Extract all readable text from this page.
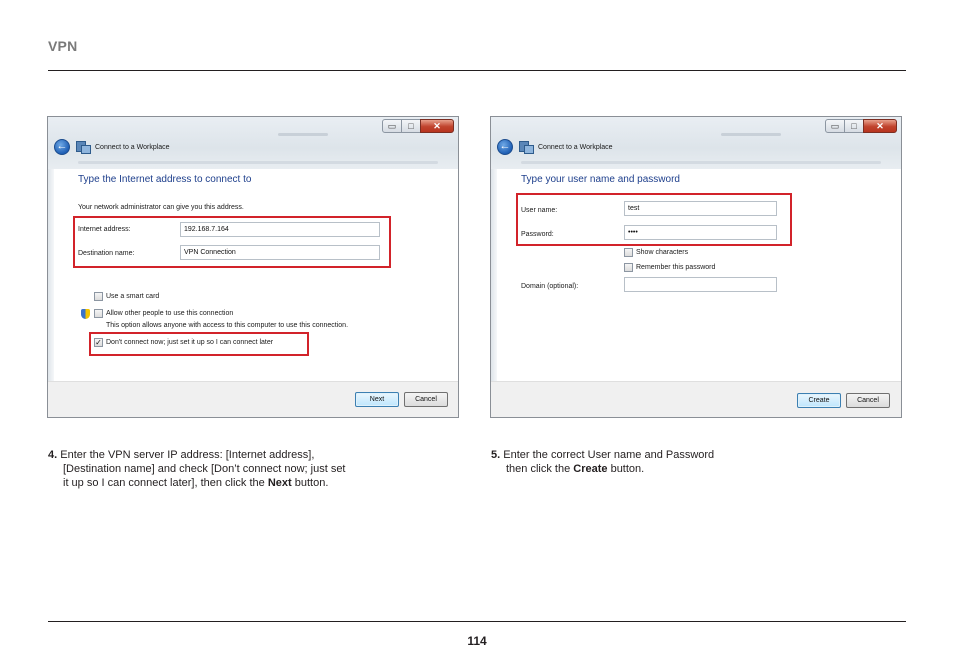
VPN
▭	□	✕
←	Connect to a Workplace
Type the Internet address to connect to
Your network administrator can give you this address.
Internet address:	192.168.7.164
Destination name:	VPN Connection
Use a smart card
Allow other people to use this connection
This option allows anyone with access to this computer to use this connection.
✓ Don't connect now; just set it up so I can connect later
Next	Cancel
▭	□	✕
←	Connect to a Workplace
Type your user name and password
User name:	test
Password:	••••
Show characters
Remember this password
Domain (optional):
Create	Cancel
4. Enter the VPN server IP address: [Internet address],
[Destination name] and check [Don’t connect now; just set
it up so I can connect later], then click the Next button.
5. Enter the correct User name and Password
then click the Create button.
114
